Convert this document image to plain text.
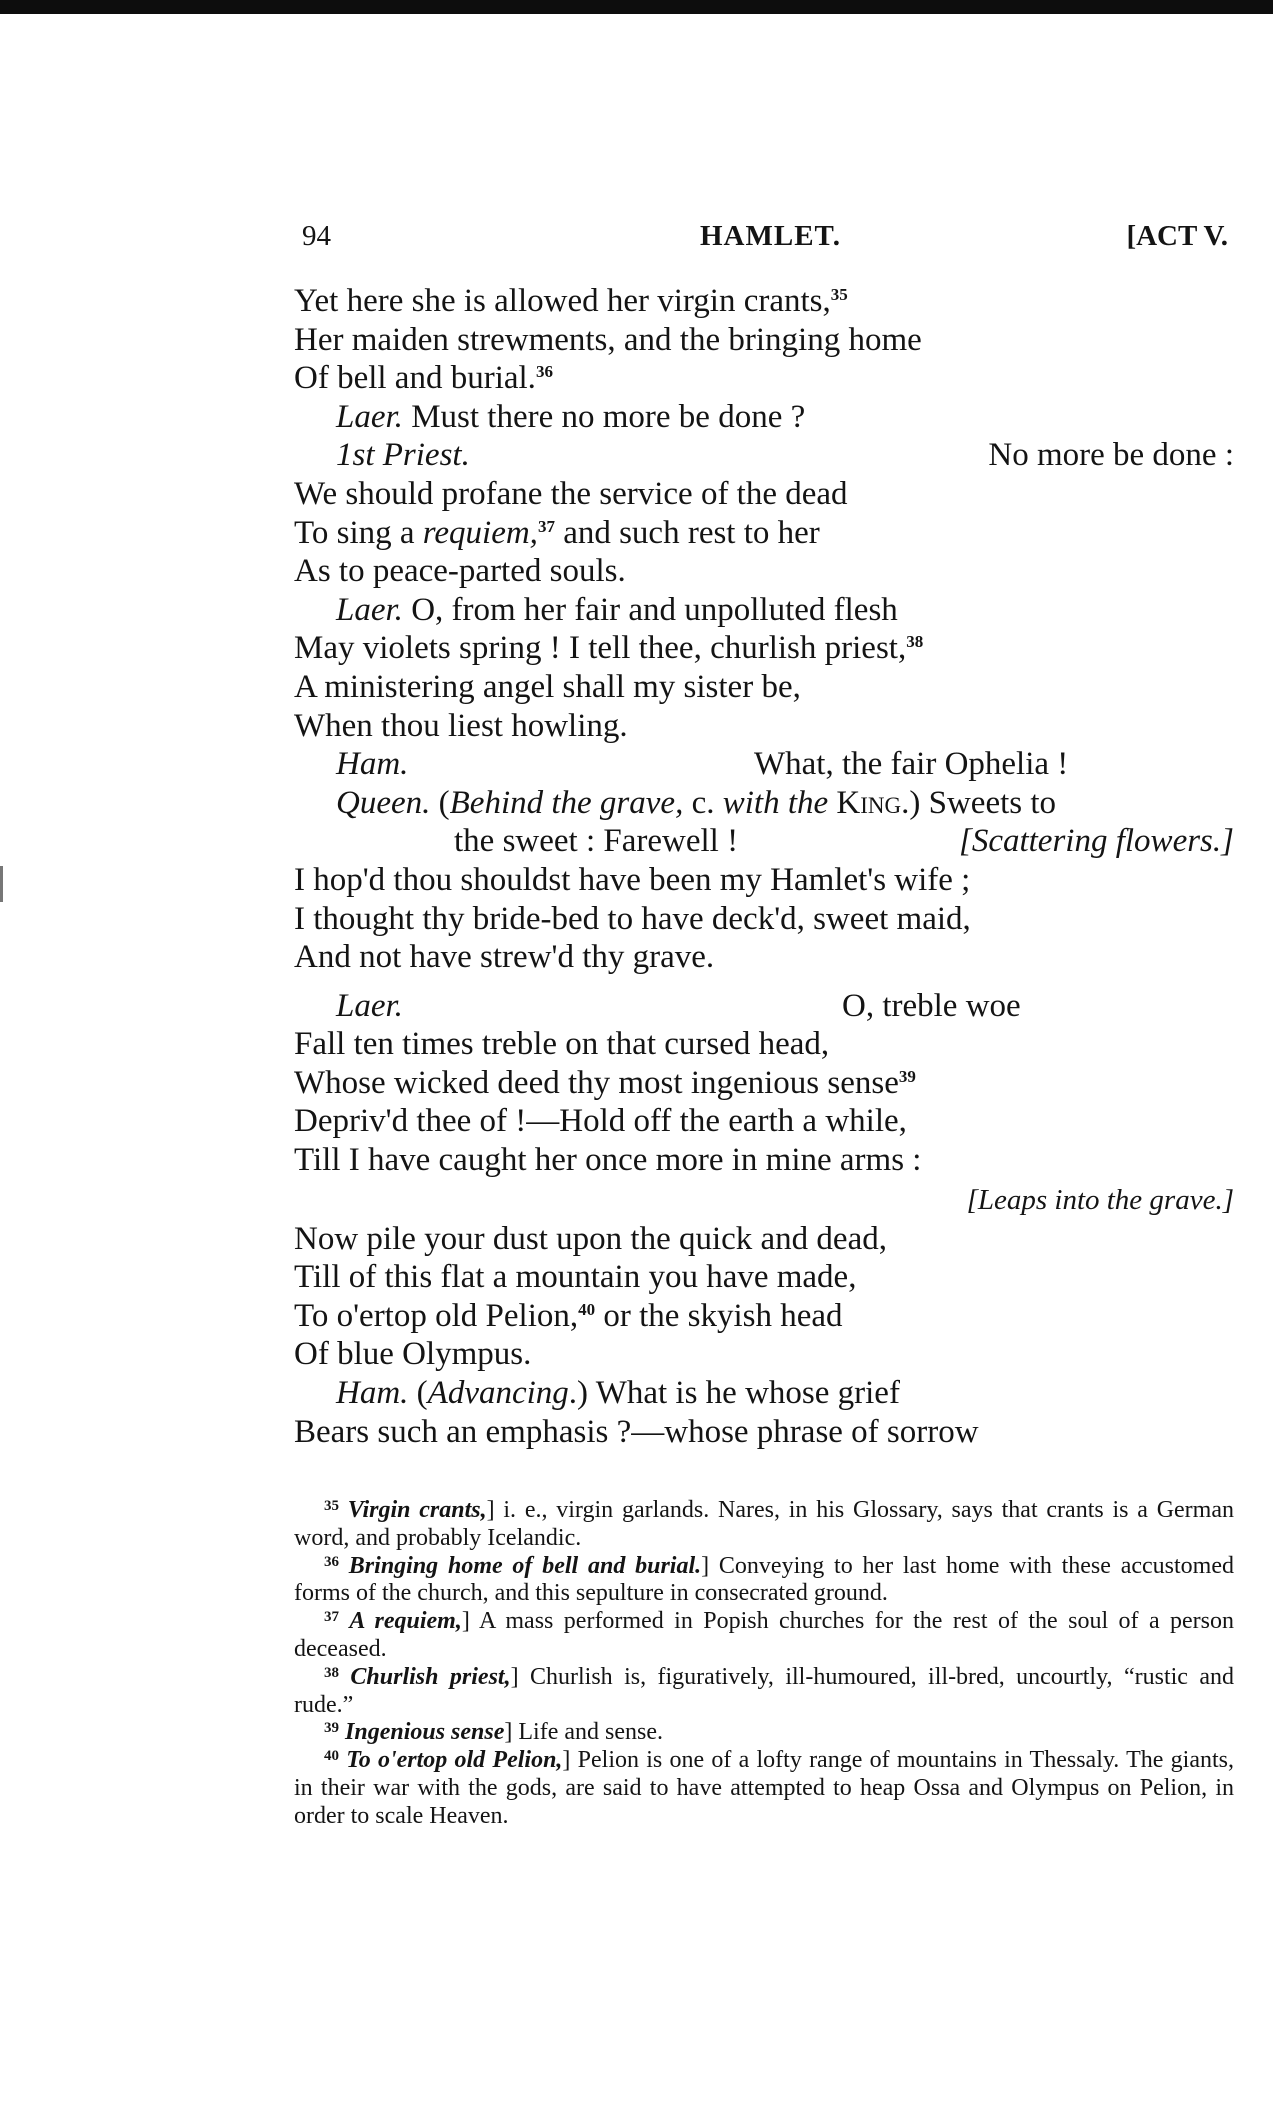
94	HAMLET.	[ACT V.
Yet here she is allowed her virgin crants,$^{35}$
Her maiden strewments, and the bringing home
Of bell and burial.$^{36}$
Laer. Must there no more be done ?
1st Priest.	No more be done :
We should profane the service of the dead
To sing a requiem,$^{37}$ and such rest to her
As to peace-parted souls.
Laer. O, from her fair and unpolluted flesh
May violets spring ! I tell thee, churlish priest,$^{38}$
A ministering angel shall my sister be,
When thou liest howling.
Ham.	What, the fair Ophelia !
Queen. (Behind the grave, c. with the King.) Sweets to
the sweet : Farewell !	[Scattering flowers.]
I hop'd thou shouldst have been my Hamlet's wife ;
I thought thy bride-bed to have deck'd, sweet maid,
And not have strew'd thy grave.
Laer.	O, treble woe
Fall ten times treble on that cursed head,
Whose wicked deed thy most ingenious sense$^{39}$
Depriv'd thee of !—Hold off the earth a while,
Till I have caught her once more in mine arms :
[Leaps into the grave.]
Now pile your dust upon the quick and dead,
Till of this flat a mountain you have made,
To o'ertop old Pelion,$^{40}$ or the skyish head
Of blue Olympus.
Ham. (Advancing.) What is he whose grief
Bears such an emphasis ?—whose phrase of sorrow

$^{35}$ Virgin crants,] i. e., virgin garlands. Nares, in his Glossary, says that crants is a German word, and probably Icelandic.

$^{36}$ Bringing home of bell and burial.] Conveying to her last home with these accustomed forms of the church, and this sepulture in consecrated ground.

$^{37}$ A requiem,] A mass performed in Popish churches for the rest of the soul of a person deceased.

$^{38}$ Churlish priest,] Churlish is, figuratively, ill-humoured, ill-bred, uncourtly, “rustic and rude.”

$^{39}$ Ingenious sense] Life and sense.

$^{40}$ To o'ertop old Pelion,] Pelion is one of a lofty range of mountains in Thessaly. The giants, in their war with the gods, are said to have attempted to heap Ossa and Olympus on Pelion, in order to scale Heaven.
